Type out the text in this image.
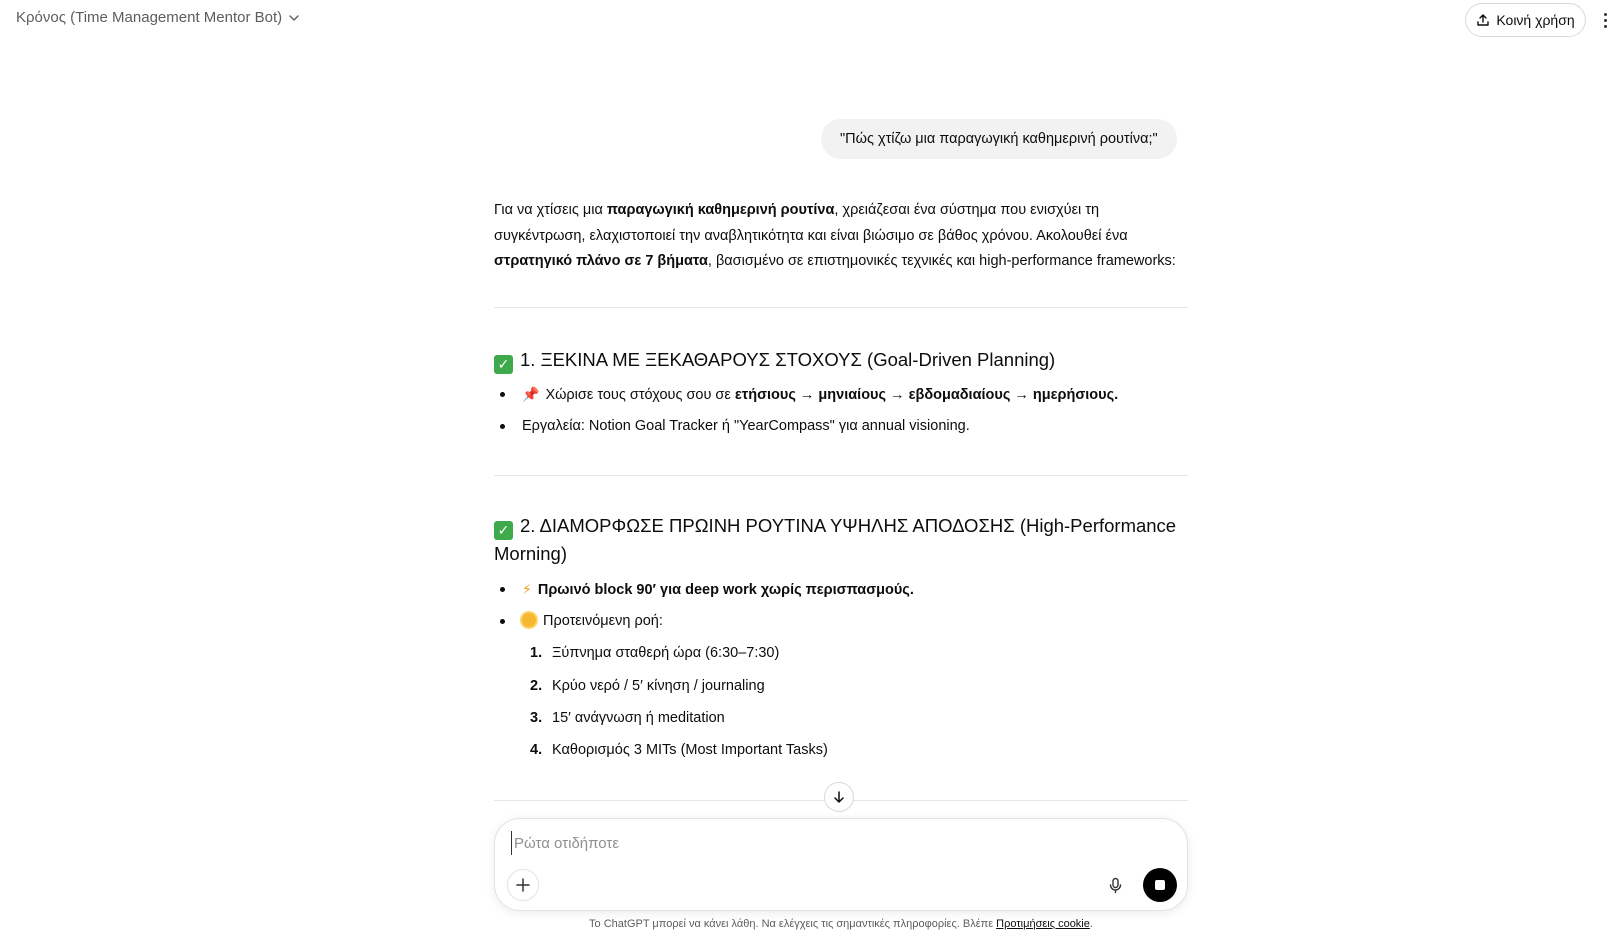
Κρόνος (Time Management Mentor Bot)	Κοινή χρήση
"Πώς χτίζω μια παραγωγική καθημερινή ρουτίνα;"
Για να χτίσεις μια παραγωγική καθημερινή ρουτίνα, χρειάζεσαι ένα σύστημα που ενισχύει τη συγκέντρωση, ελαχιστοποιεί την αναβλητικότητα και είναι βιώσιμο σε βάθος χρόνου. Ακολουθεί ένα στρατηγικό πλάνο σε 7 βήματα, βασισμένο σε επιστημονικές τεχνικές και high-performance frameworks:
✓ 1. ΞΕΚΙΝΑ ΜΕ ΞΕΚΑΘΑΡΟΥΣ ΣΤΟΧΟΥΣ (Goal-Driven Planning)
📌 Χώρισε τους στόχους σου σε ετήσιους → μηνιαίους → εβδομαδιαίους → ημερήσιους.
Εργαλεία: Notion Goal Tracker ή "YearCompass" για annual visioning.
✓ 2. ΔΙΑΜΟΡΦΩΣΕ ΠΡΩΙΝΗ ΡΟΥΤΙΝΑ ΥΨΗΛΗΣ ΑΠΟΔΟΣΗΣ (High-Performance
Morning)
⚡ Πρωινό block 90′ για deep work χωρίς περισπασμούς.
Προτεινόμενη ροή:
1. Ξύπνημα σταθερή ώρα (6:30–7:30)
2. Κρύο νερό / 5′ κίνηση / journaling
3. 15′ ανάγνωση ή meditation
4. Καθορισμός 3 MITs (Most Important Tasks)
Ρώτα οτιδήποτε
Το ChatGPT μπορεί να κάνει λάθη. Να ελέγχεις τις σημαντικές πληροφορίες. Βλέπε Προτιμήσεις cookie.
